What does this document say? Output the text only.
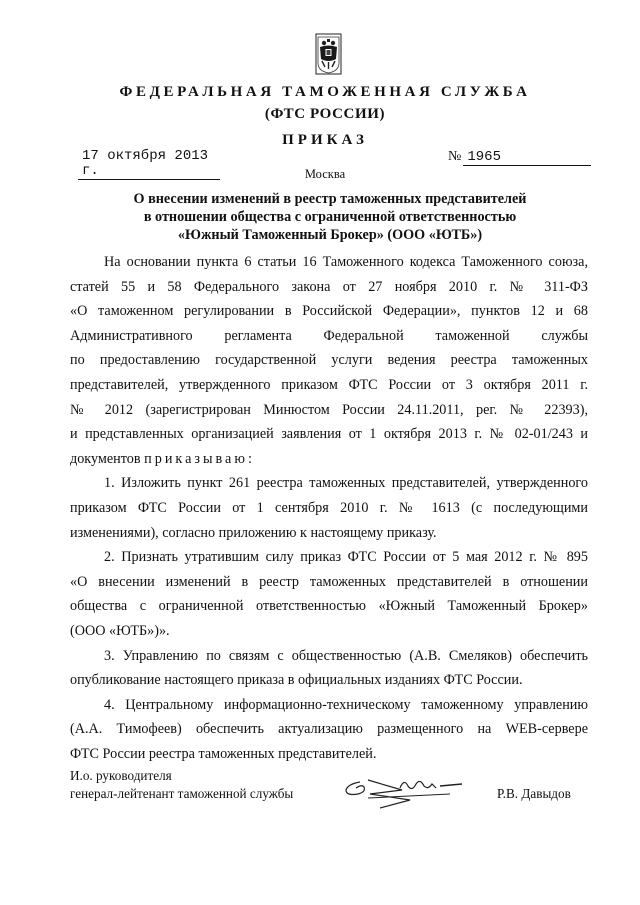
ФЕДЕРАЛЬНАЯ ТАМОЖЕННАЯ СЛУЖБА
(ФТС РОССИИ)
ПРИКАЗ
17 октября 2013 г.
№ 1965
Москва
О внесении изменений в реестр таможенных представителей
в отношении общества с ограниченной ответственностью
«Южный Таможенный Брокер» (ООО «ЮТБ»)
На основании пункта 6 статьи 16 Таможенного кодекса Таможенного союза,
статей 55 и 58 Федерального закона от 27 ноября 2010 г. № 311-ФЗ
«О таможенном регулировании в Российской Федерации», пунктов 12 и 68
Административного регламента Федеральной таможенной службы
по предоставлению государственной услуги ведения реестра таможенных
представителей, утвержденного приказом ФТС России от 3 октября 2011 г.
№ 2012 (зарегистрирован Минюстом России 24.11.2011, рег. № 22393),
и представленных организацией заявления от 1 октября 2013 г. № 02-01/243 и
документов приказываю:
1. Изложить пункт 261 реестра таможенных представителей, утвержденного
приказом ФТС России от 1 сентября 2010 г. № 1613 (с последующими
изменениями), согласно приложению к настоящему приказу.
2. Признать утратившим силу приказ ФТС России от 5 мая 2012 г. № 895
«О внесении изменений в реестр таможенных представителей в отношении
общества с ограниченной ответственностью «Южный Таможенный Брокер»
(ООО «ЮТБ»)».
3. Управлению по связям с общественностью (А.В. Смеляков) обеспечить
опубликование настоящего приказа в официальных изданиях ФТС России.
4. Центральному информационно-техническому таможенному управлению
(А.А. Тимофеев) обеспечить актуализацию размещенного на WEB-сервере
ФТС России реестра таможенных представителей.
И.о. руководителя
генерал-лейтенант таможенной службы	Р.В. Давыдов
